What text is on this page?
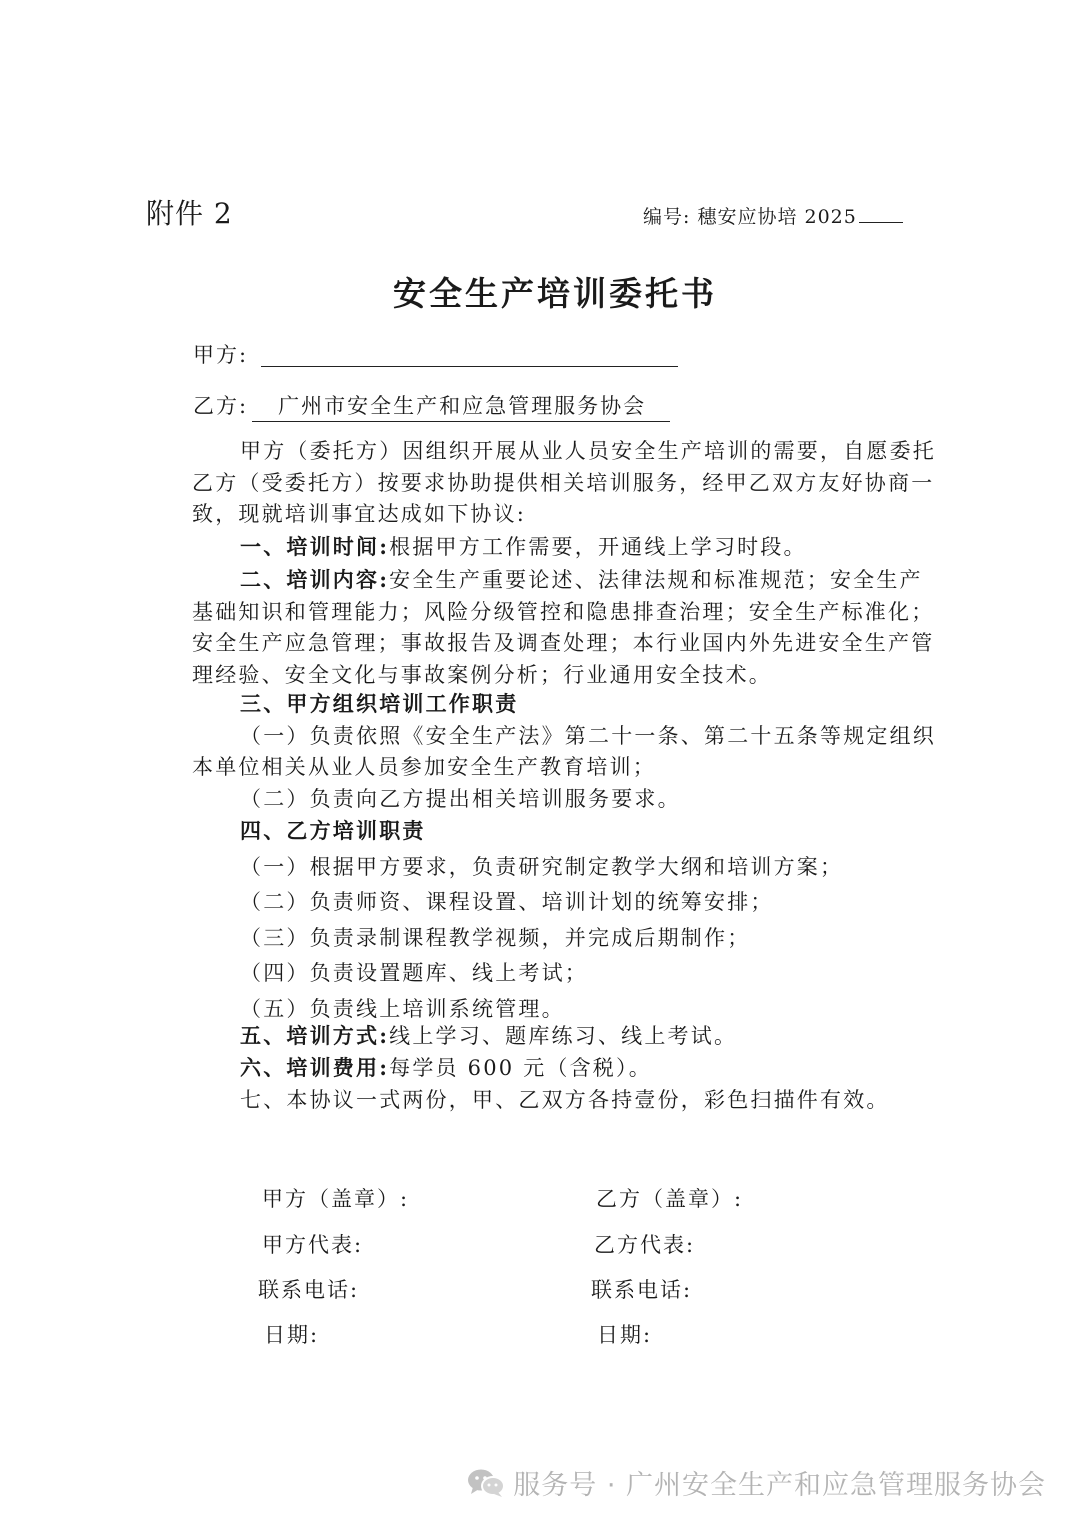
附件 2	编号: 穗安应协培 2025
安全生产培训委托书
甲方:
乙方: 广州市安全生产和应急管理服务协会

甲方（委托方）因组织开展从业人员安全生产培训的需要，自愿委托

乙方（受委托方）按要求协助提供相关培训服务，经甲乙双方友好协商一

致，现就培训事宜达成如下协议:

一、培训时间:根据甲方工作需要，开通线上学习时段。

二、培训内容:安全生产重要论述、法律法规和标准规范；安全生产

基础知识和管理能力；风险分级管控和隐患排查治理；安全生产标准化；

安全生产应急管理；事故报告及调查处理；本行业国内外先进安全生产管

理经验、安全文化与事故案例分析；行业通用安全技术。

三、甲方组织培训工作职责

（一）负责依照《安全生产法》第二十一条、第二十五条等规定组织

本单位相关从业人员参加安全生产教育培训；

（二）负责向乙方提出相关培训服务要求。

四、乙方培训职责

（一）根据甲方要求，负责研究制定教学大纲和培训方案；

（二）负责师资、课程设置、培训计划的统筹安排；

（三）负责录制课程教学视频，并完成后期制作；

（四）负责设置题库、线上考试；

（五）负责线上培训系统管理。

五、培训方式:线上学习、题库练习、线上考试。

六、培训费用:每学员 600 元（含税）。

七、本协议一式两份，甲、乙双方各持壹份，彩色扫描件有效。

甲方（盖章）:
甲方代表:
联系电话:
日期:
乙方（盖章）:
乙方代表:
联系电话:
日期:
服务号 · 广州安全生产和应急管理服务协会
